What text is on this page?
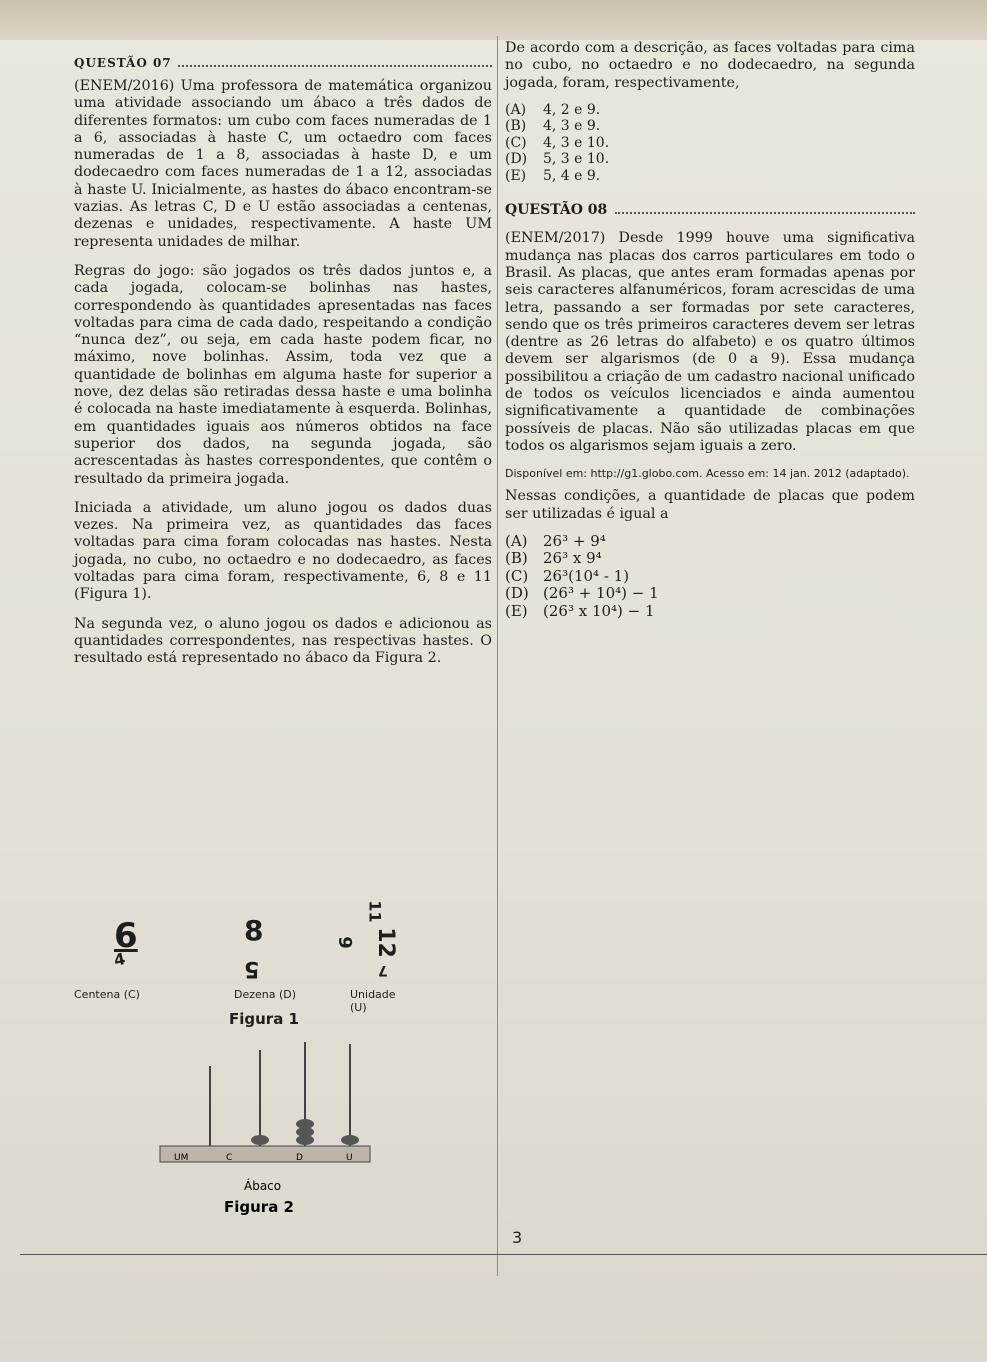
QUESTÃO 07

(ENEM/2016) Uma professora de matemática organizou uma atividade associando um ábaco a três dados de diferentes formatos: um cubo com faces numeradas de 1 a 6, associadas à haste C, um octaedro com faces numeradas de 1 a 8, associadas à haste D, e um dodecaedro com faces numeradas de 1 a 12, associadas à haste U. Inicialmente, as hastes do ábaco encontram-se vazias. As letras C, D e U estão associadas a centenas, dezenas e unidades, respectivamente. A haste UM representa unidades de milhar.

Regras do jogo: são jogados os três dados juntos e, a cada jogada, colocam-se bolinhas nas hastes, correspondendo às quantidades apresentadas nas faces voltadas para cima de cada dado, respeitando a condição “nunca dez”, ou seja, em cada haste podem ficar, no máximo, nove bolinhas. Assim, toda vez que a quantidade de bolinhas em alguma haste for superior a nove, dez delas são retiradas dessa haste e uma bolinha é colocada na haste imediatamente à esquerda. Bolinhas, em quantidades iguais aos números obtidos na face superior dos dados, na segunda jogada, são acrescentadas às hastes correspondentes, que contêm o resultado da primeira jogada.

Iniciada a atividade, um aluno jogou os dados duas vezes. Na primeira vez, as quantidades das faces voltadas para cima foram colocadas nas hastes. Nesta jogada, no cubo, no octaedro e no dodecaedro, as faces voltadas para cima foram, respectivamente, 6, 8 e 11 (Figura 1).

Na segunda vez, o aluno jogou os dados e adicionou as quantidades correspondentes, nas respectivas hastes. O resultado está representado no ábaco da Figura 2.

6
4
8
5
11
6 12
7
Centena (C)	Dezena (D)	Unidade (U)
Figura 1
UM	C	D	U
Ábaco
Figura 2

De acordo com a descrição, as faces voltadas para cima no cubo, no octaedro e no dodecaedro, na segunda jogada, foram, respectivamente,

(A)	4, 2 e 9.
(B)	4, 3 e 9.
(C)	4, 3 e 10.
(D)	5, 3 e 10.
(E)	5, 4 e 9.
QUESTÃO 08

(ENEM/2017) Desde 1999 houve uma significativa mudança nas placas dos carros particulares em todo o Brasil. As placas, que antes eram formadas apenas por seis caracteres alfanuméricos, foram acrescidas de uma letra, passando a ser formadas por sete caracteres, sendo que os três primeiros caracteres devem ser letras (dentre as 26 letras do alfabeto) e os quatro últimos devem ser algarismos (de 0 a 9). Essa mudança possibilitou a criação de um cadastro nacional unificado de todos os veículos licenciados e ainda aumentou significativamente a quantidade de combinações possíveis de placas. Não são utilizadas placas em que todos os algarismos sejam iguais a zero.

Disponível em: http://g1.globo.com. Acesso em: 14 jan. 2012 (adaptado).

Nessas condições, a quantidade de placas que podem ser utilizadas é igual a

(A)	26³ + 9⁴
(B)	26³ x 9⁴
(C) 26³(10⁴ - 1)
(D) (26³ + 10⁴) − 1
(E)	(26³ x 10⁴) − 1
3
